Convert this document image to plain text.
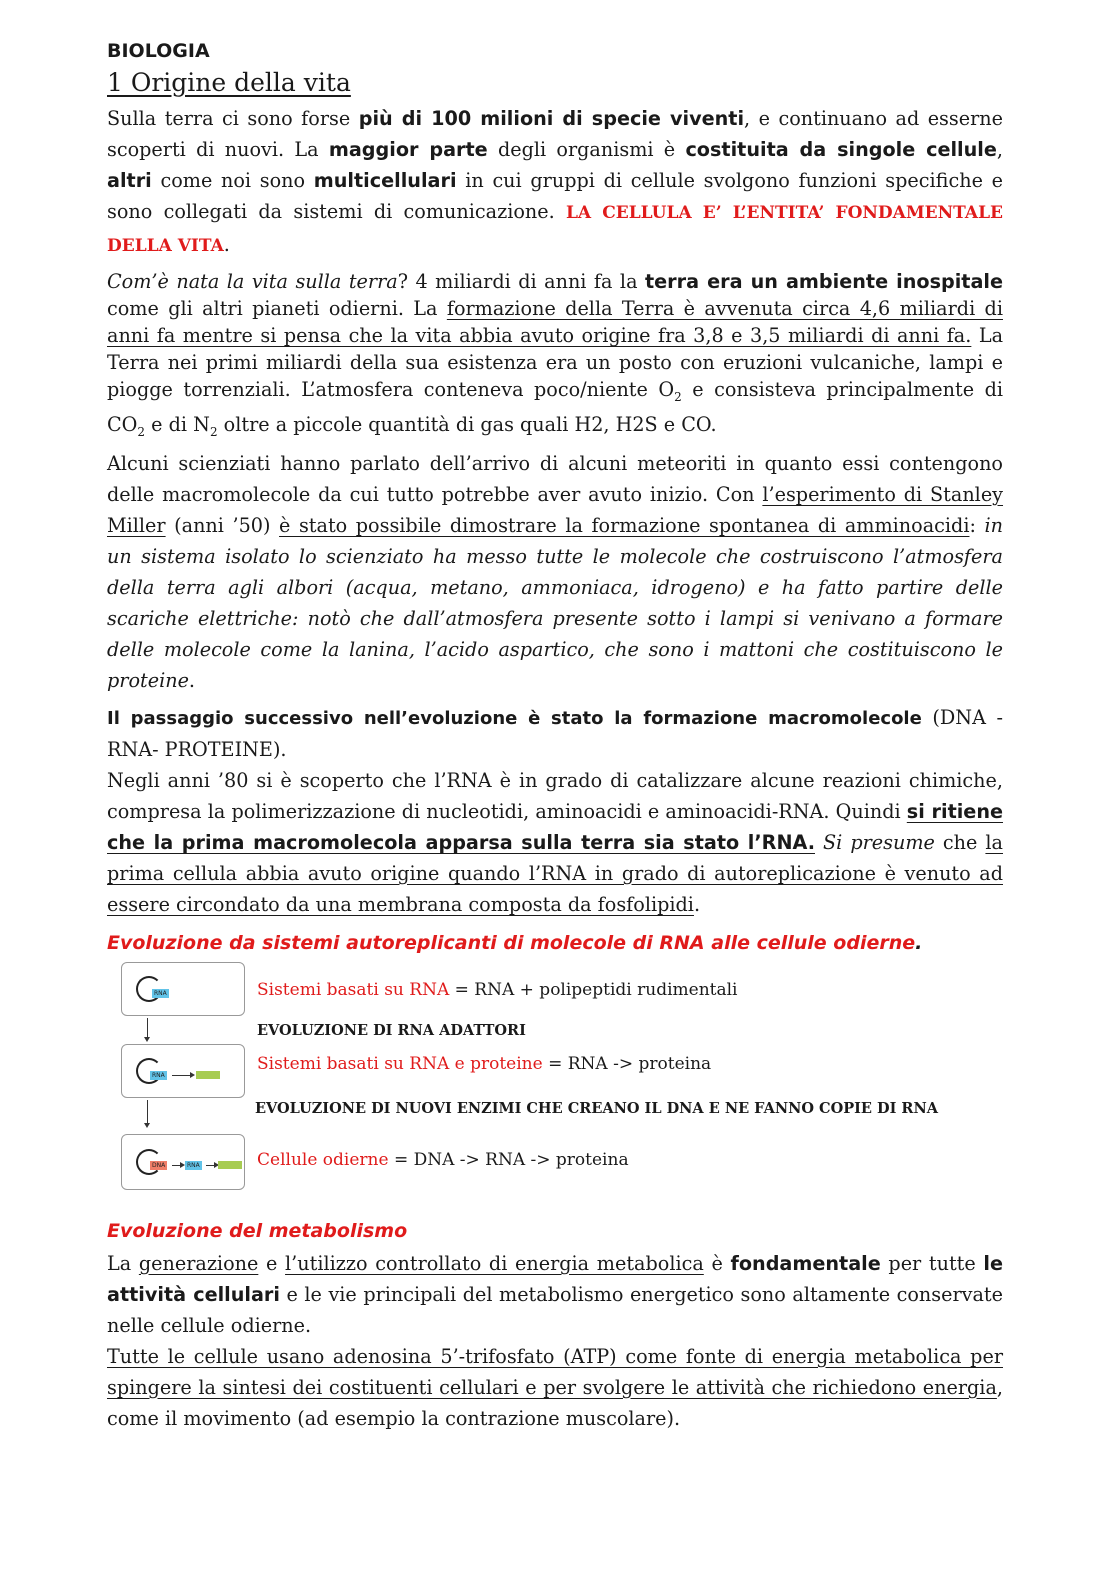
BIOLOGIA
1 Origine della vita

Sulla terra ci sono forse più di 100 milioni di specie viventi, e continuano ad esserne scoperti di nuovi. La maggior parte degli organismi è costituita da singole cellule, altri come noi sono multicellulari in cui gruppi di cellule svolgono funzioni specifiche e sono collegati da sistemi di comunicazione. LA CELLULA E’ L’ENTITA’ FONDAMENTALE DELLA VITA.

Com’è nata la vita sulla terra? 4 miliardi di anni fa la terra era un ambiente inospitale come gli altri pianeti odierni. La formazione della Terra è avvenuta circa 4,6 miliardi di anni fa mentre si pensa che la vita abbia avuto origine fra 3,8 e 3,5 miliardi di anni fa. La Terra nei primi miliardi della sua esistenza era un posto con eruzioni vulcaniche, lampi e piogge torrenziali. L’atmosfera conteneva poco/niente $O_2$ e consisteva principalmente di $CO_2$ e di $N_2$ oltre a piccole quantità di gas quali H2, H2S e CO.

Alcuni scienziati hanno parlato dell’arrivo di alcuni meteoriti in quanto essi contengono delle macromolecole da cui tutto potrebbe aver avuto inizio. Con l’esperimento di Stanley Miller (anni ’50) è stato possibile dimostrare la formazione spontanea di amminoacidi: in un sistema isolato lo scienziato ha messo tutte le molecole che costruiscono l’atmosfera della terra agli albori (acqua, metano, ammoniaca, idrogeno) e ha fatto partire delle scariche elettriche: notò che dall’atmosfera presente sotto i lampi si venivano a formare delle molecole come la lanina, l’acido aspartico, che sono i mattoni che costituiscono le proteine.

Il passaggio successivo nell’evoluzione è stato la formazione macromolecole (DNA - RNA- PROTEINE).

Negli anni ’80 si è scoperto che l’RNA è in grado di catalizzare alcune reazioni chimiche, compresa la polimerizzazione di nucleotidi, aminoacidi e aminoacidi-RNA. Quindi si ritiene che la prima macromolecola apparsa sulla terra sia stato l’RNA. Si presume che la prima cellula abbia avuto origine quando l’RNA in grado di autoreplicazione è venuto ad essere circondato da una membrana composta da fosfolipidi.

Evoluzione da sistemi autoreplicanti di molecole di RNA alle cellule odierne.
RNA	Sistemi basati su RNA = RNA + polipeptidi rudimentali
EVOLUZIONE DI RNA ADATTORI
RNA
Sistemi basati su RNA e proteine = RNA -> proteina
EVOLUZIONE DI NUOVI ENZIMI CHE CREANO IL DNA E NE FANNO COPIE DI RNA
DNA	RNA	Cellule odierne = DNA -> RNA -> proteina
Evoluzione del metabolismo

La generazione e l’utilizzo controllato di energia metabolica è fondamentale per tutte le attività cellulari e le vie principali del metabolismo energetico sono altamente conservate nelle cellule odierne.

Tutte le cellule usano adenosina 5’-trifosfato (ATP) come fonte di energia metabolica per spingere la sintesi dei costituenti cellulari e per svolgere le attività che richiedono energia, come il movimento (ad esempio la contrazione muscolare).
